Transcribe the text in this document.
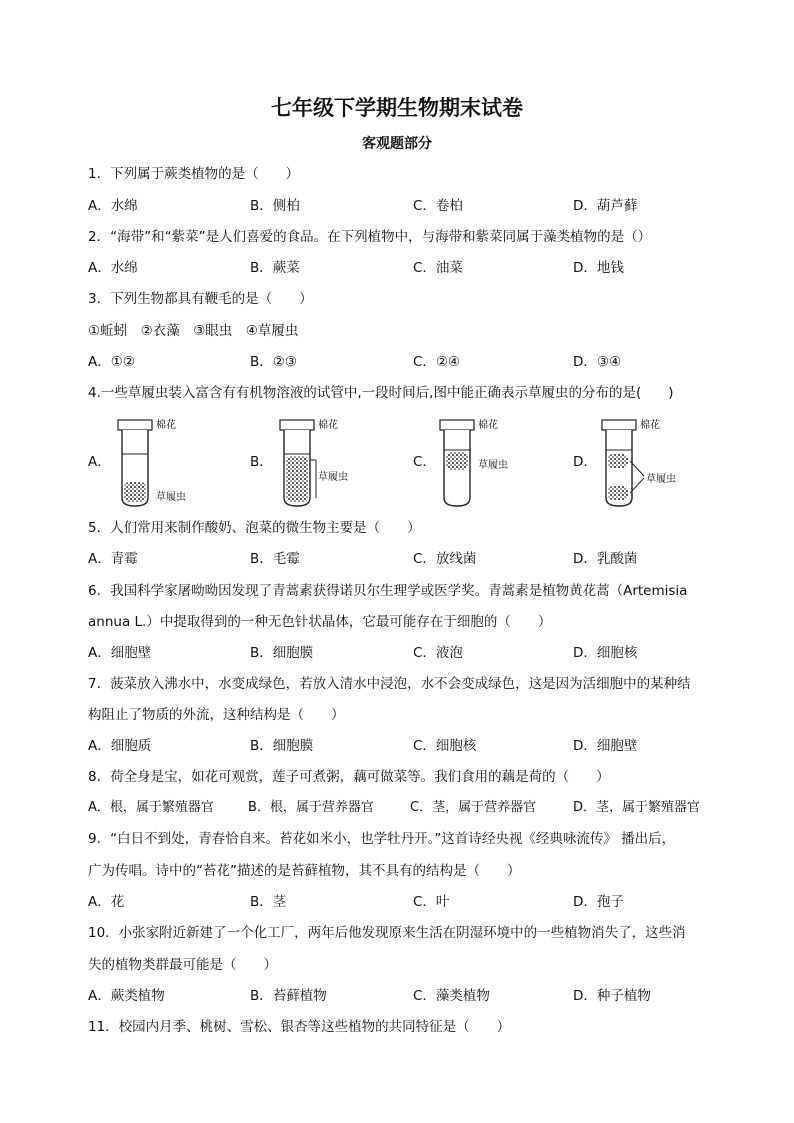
七年级下学期生物期末试卷
客观题部分
1．下列属于蕨类植物的是（　　）
A．水绵	B．侧柏	C．卷柏	D．葫芦藓
2．“海带”和“紫菜”是人们喜爱的食品。在下列植物中，与海带和紫菜同属于藻类植物的是（）
A．水绵	B．蕨菜	C．油菜	D．地钱
3．下列生物都具有鞭毛的是（　　）
①蚯蚓　②衣藻　③眼虫　④草履虫
A．①②	B．②③	C．②④	D．③④
4.一些草履虫装入富含有有机物溶液的试管中,一段时间后,图中能正确表示草履虫的分布的是(　　)
A．
棉花
草履虫
B．
棉花
草履虫
C．
棉花
草履虫	D．
棉花
草履虫
5．人们常用来制作酸奶、泡菜的微生物主要是（　　）
A．青霉	B．毛霉	C．放线菌	D．乳酸菌
6．我国科学家屠呦呦因发现了青蒿素获得诺贝尔生理学或医学奖。青蒿素是植物黄花蒿（Artemisia
annua L.）中提取得到的一种无色针状晶体，它最可能存在于细胞的（　　）
A．细胞壁	B．细胞膜	C．液泡	D．细胞核
7．菠菜放入沸水中，水变成绿色，若放入清水中浸泡，水不会变成绿色，这是因为活细胞中的某种结
构阻止了物质的外流，这种结构是（　　）
A．细胞质	B．细胞膜	C．细胞核	D．细胞壁
8．荷全身是宝，如花可观赏，莲子可煮粥，藕可做菜等。我们食用的藕是荷的（　　）
A．根，属于繁殖器官	B．根，属于营养器官	C．茎，属于营养器官	D．茎，属于繁殖器官
9．“白日不到处，青春恰自来。苔花如米小，也学牡丹开。”这首诗经央视《经典咏流传》 播出后，
广为传唱。诗中的“苔花”描述的是苔藓植物，其不具有的结构是（　　）
A．花	B．茎	C．叶	D．孢子
10．小张家附近新建了一个化工厂，两年后他发现原来生活在阴湿环境中的一些植物消失了，这些消
失的植物类群最可能是（　　）
A．蕨类植物	B．苔藓植物	C．藻类植物	D．种子植物
11．校园内月季、桃树、雪松、银杏等这些植物的共同特征是（　　）
